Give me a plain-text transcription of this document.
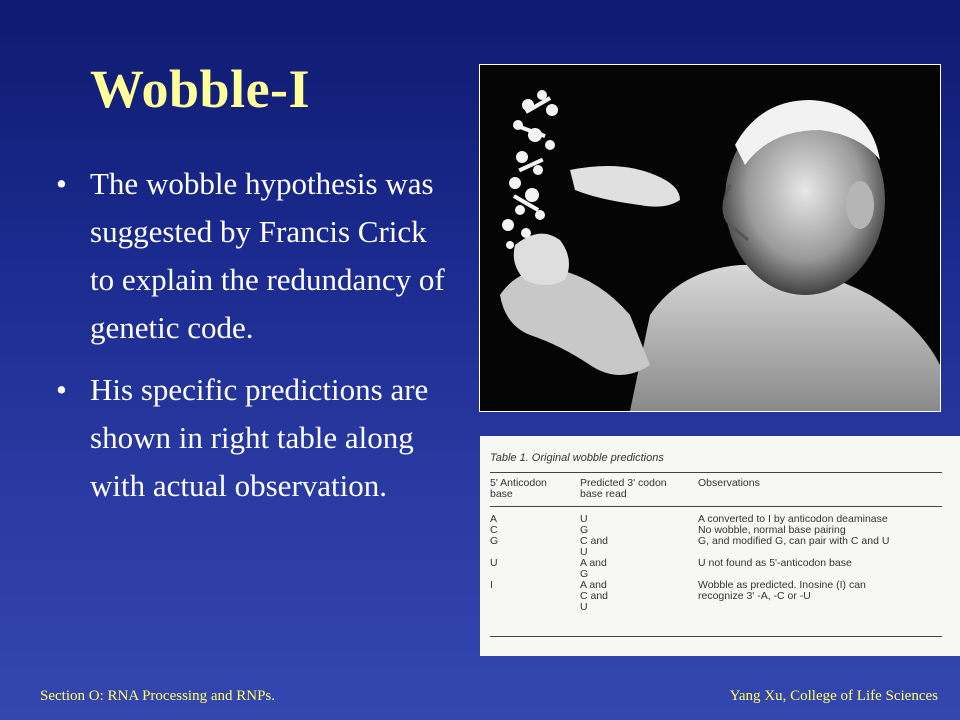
Wobble-I
• The wobble hypothesis was suggested by Francis Crick to explain the redundancy of genetic code.
• His specific predictions are shown in right table along with actual observation.
Table 1. Original wobble predictions
5' Anticodon
base
Predicted 3' codon
base read
Observations
A
C
G

U

I
U
G
C and
U
A and
G
A and
C and
U
A converted to I by anticodon deaminase
No wobble, normal base pairing
G, and modified G, can pair with C and U

U not found as 5'-anticodon base

Wobble as predicted. Inosine (I) can
recognize 3' -A, -C or -U
Section O: RNA Processing and RNPs.	Yang Xu, College of Life Sciences
